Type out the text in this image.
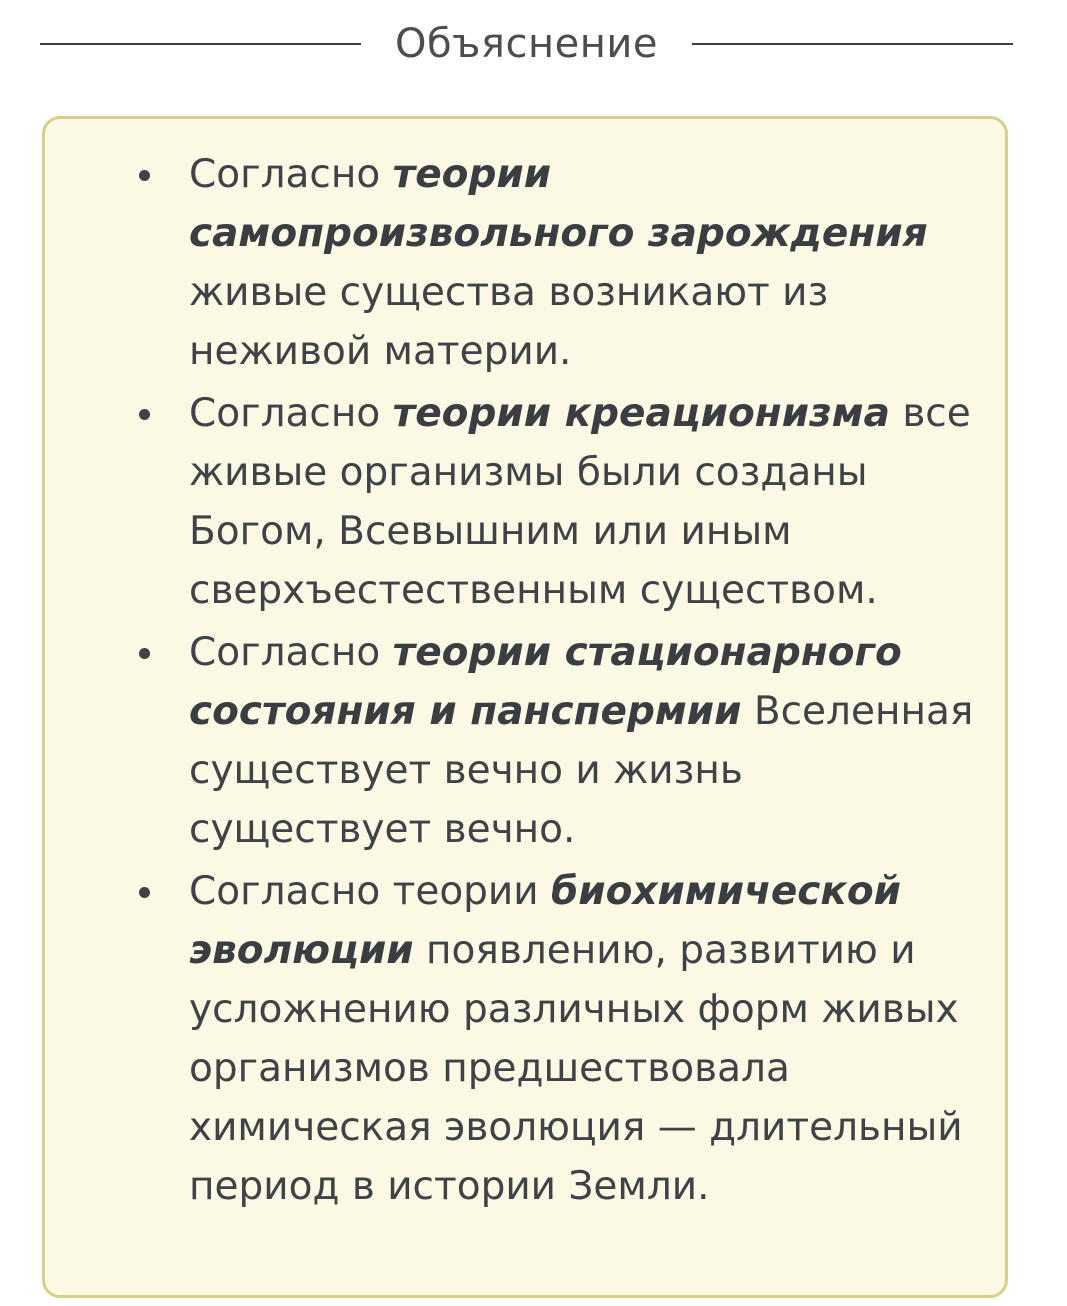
Объяснение
Согласно теории самопроизвольного зарождения живые существа возникают из неживой материи.
Согласно теории креационизма все живые организмы были созданы Богом, Всевышним или иным сверхъестественным существом.
Согласно теории стационарного состояния и панспермии Вселенная существует вечно и жизнь существует вечно.
Согласно теории биохимической эволюции появлению, развитию и усложнению различных форм живых организмов предшествовала химическая эволюция — длительный период в истории Земли.
